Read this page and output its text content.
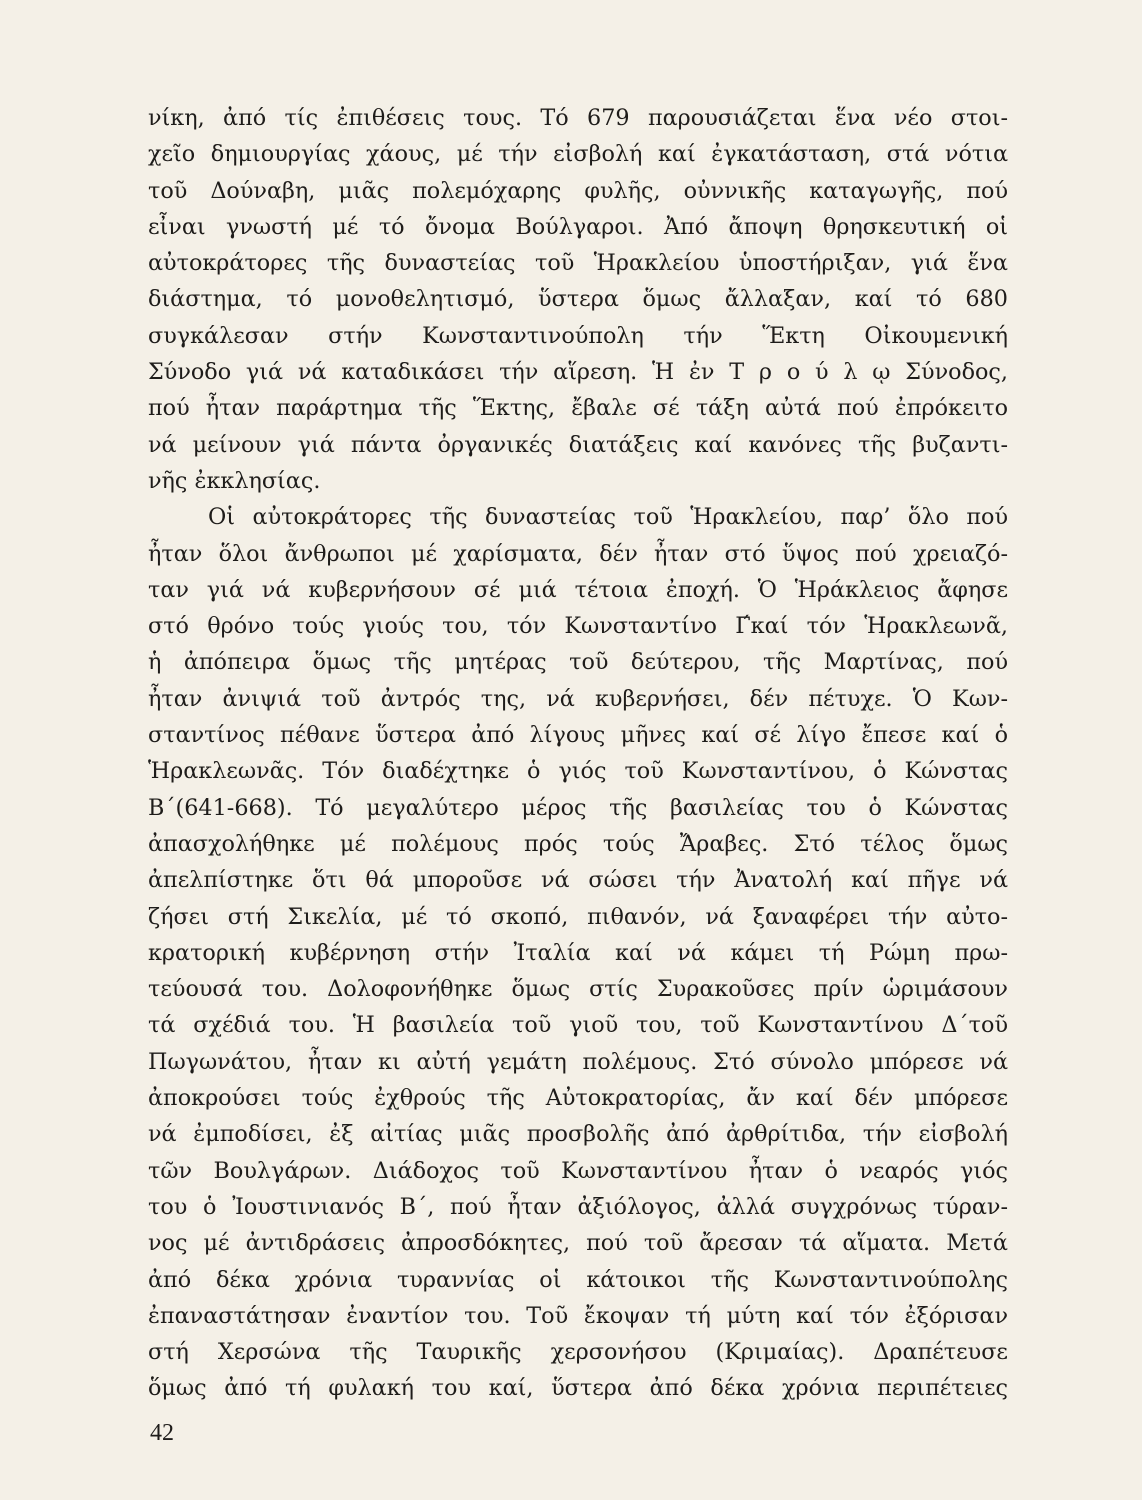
νίκη, ἀπό τίς ἐπιθέσεις τους. Τό 679 παρουσιάζεται ἕνα νέο στοι-
χεῖο δημιουργίας χάους, μέ τήν εἰσβολή καί ἐγκατάσταση, στά νότια
τοῦ Δούναβη, μιᾶς πολεμόχαρης φυλῆς, οὐννικῆς καταγωγῆς, πού
εἶναι γνωστή μέ τό ὄνομα Βούλγαροι. Ἀπό ἄποψη θρησκευτική οἱ
αὐτοκράτορες τῆς δυναστείας τοῦ Ἡρακλείου ὑποστήριξαν, γιά ἕνα
διάστημα, τό μονοθελητισμό, ὕστερα ὅμως ἄλλαξαν, καί τό 680
συγκάλεσαν στήν Κωνσταντινούπολη τήν Ἕκτη Οἰκουμενική
Σύνοδο γιά νά καταδικάσει τήν αἵρεση. Ἡ ἐν Τ ρ ο ύ λ ῳ Σύνοδος,
πού ἦταν παράρτημα τῆς Ἕκτης, ἔβαλε σέ τάξη αὐτά πού ἐπρόκειτο
νά μείνουν γιά πάντα ὀργανικές διατάξεις καί κανόνες τῆς βυζαντι-
νῆς ἐκκλησίας.
Οἱ αὐτοκράτορες τῆς δυναστείας τοῦ Ἡρακλείου, παρ’ ὅλο πού
ἦταν ὅλοι ἄνθρωποι μέ χαρίσματα, δέν ἦταν στό ὕψος πού χρειαζό-
ταν γιά νά κυβερνήσουν σέ μιά τέτοια ἐποχή. Ὁ Ἡράκλειος ἄφησε
στό θρόνο τούς γιούς του, τόν Κωνσταντίνο Γ́καί τόν Ἡρακλεωνᾶ,
ἡ ἀπόπειρα ὅμως τῆς μητέρας τοῦ δεύτερου, τῆς Μαρτίνας, πού
ἦταν ἀνιψιά τοῦ ἀντρός της, νά κυβερνήσει, δέν πέτυχε. Ὁ Κων-
σταντίνος πέθανε ὕστερα ἀπό λίγους μῆνες καί σέ λίγο ἔπεσε καί ὁ
Ἡρακλεωνᾶς. Τόν διαδέχτηκε ὁ γιός τοῦ Κωνσταντίνου, ὁ Κώνστας
Β΄(641-668). Τό μεγαλύτερο μέρος τῆς βασιλείας του ὁ Κώνστας
ἀπασχολήθηκε μέ πολέμους πρός τούς Ἄραβες. Στό τέλος ὅμως
ἀπελπίστηκε ὅτι θά μποροῦσε νά σώσει τήν Ἀνατολή καί πῆγε νά
ζήσει στή Σικελία, μέ τό σκοπό, πιθανόν, νά ξαναφέρει τήν αὐτο-
κρατορική κυβέρνηση στήν Ἰταλία καί νά κάμει τή Ρώμη πρω-
τεύουσά του. Δολοφονήθηκε ὅμως στίς Συρακοῦσες πρίν ὡριμάσουν
τά σχέδιά του. Ἡ βασιλεία τοῦ γιοῦ του, τοῦ Κωνσταντίνου Δ΄τοῦ
Πωγωνάτου, ἦταν κι αὐτή γεμάτη πολέμους. Στό σύνολο μπόρεσε νά
ἀποκρούσει τούς ἐχθρούς τῆς Αὐτοκρατορίας, ἄν καί δέν μπόρεσε
νά ἐμποδίσει, ἐξ αἰτίας μιᾶς προσβολῆς ἀπό ἀρθρίτιδα, τήν εἰσβολή
τῶν Βουλγάρων. Διάδοχος τοῦ Κωνσταντίνου ἦταν ὁ νεαρός γιός
του ὁ Ἰουστινιανός Β΄, πού ἦταν ἀξιόλογος, ἀλλά συγχρόνως τύραν-
νος μέ ἀντιδράσεις ἀπροσδόκητες, πού τοῦ ἄρεσαν τά αἵματα. Μετά
ἀπό δέκα χρόνια τυραννίας οἱ κάτοικοι τῆς Κωνσταντινούπολης
ἐπαναστάτησαν ἐναντίον του. Τοῦ ἔκοψαν τή μύτη καί τόν ἐξόρισαν
στή Χερσώνα τῆς Ταυρικῆς χερσονήσου (Κριμαίας). Δραπέτευσε
ὅμως ἀπό τή φυλακή του καί, ὕστερα ἀπό δέκα χρόνια περιπέτειες
42
